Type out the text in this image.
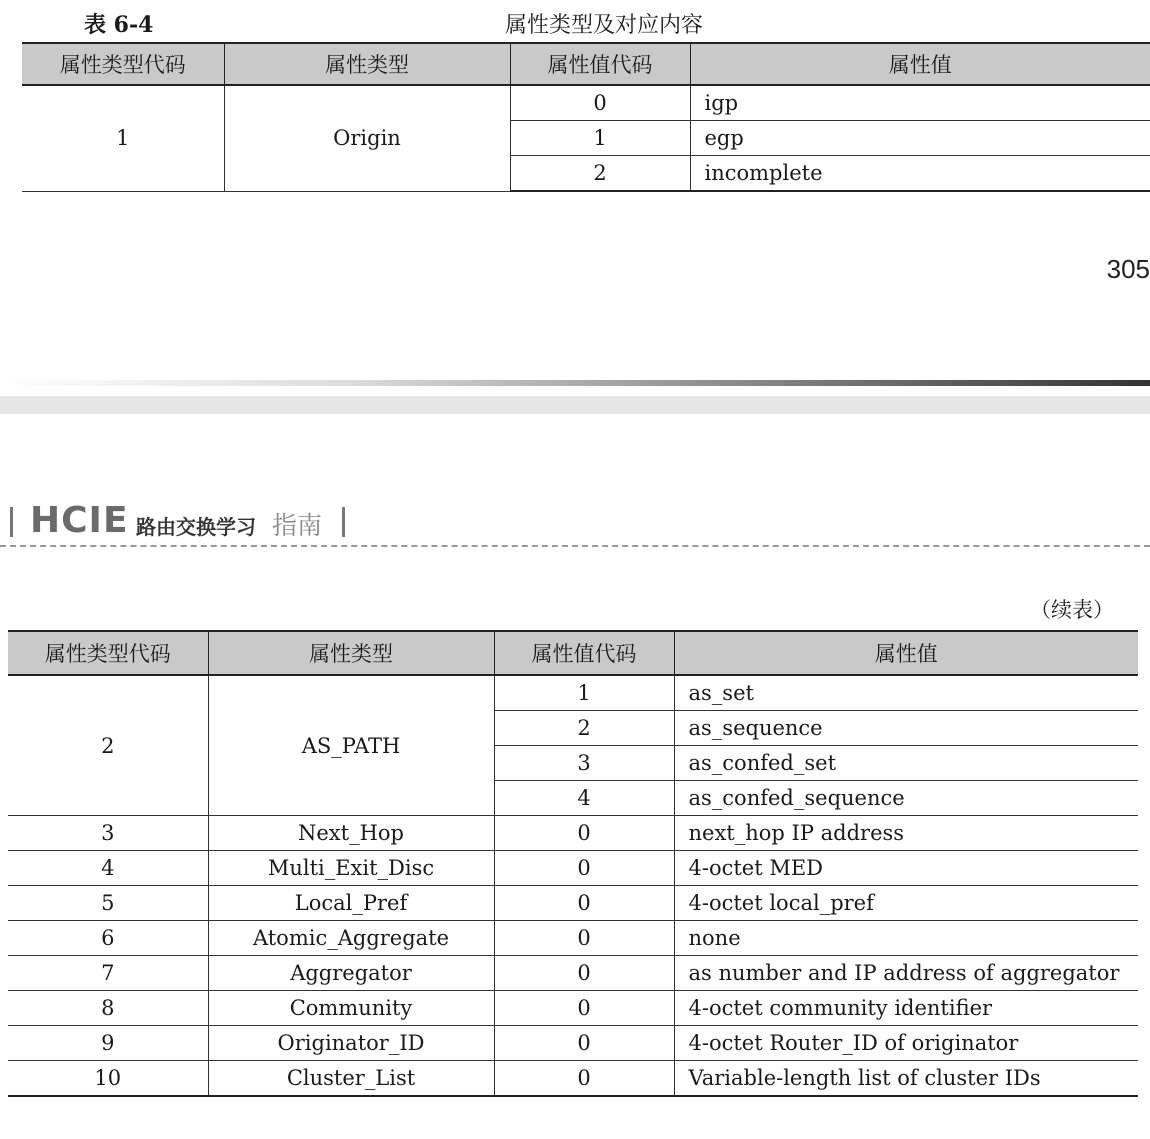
表 6-4	属性类型及对应内容
属性类型代码	属性类型	属性值代码	属性值
1	Origin	0	igp
		1	egp
		2	incomplete
305
HCIE 路由交换学习 指南
（续表）
属性类型代码	属性类型	属性值代码	属性值
2	AS_PATH	1	as_set
		2	as_sequence
		3	as_confed_set
		4	as_confed_sequence
3	Next_Hop	0	next_hop IP address
4	Multi_Exit_Disc	0	4-octet MED
5	Local_Pref	0	4-octet local_pref
6	Atomic_Aggregate	0	none
7	Aggregator	0	as number and IP address of aggregator
8	Community	0	4-octet community identifier
9	Originator_ID	0	4-octet Router_ID of originator
10	Cluster_List	0	Variable-length list of cluster IDs
